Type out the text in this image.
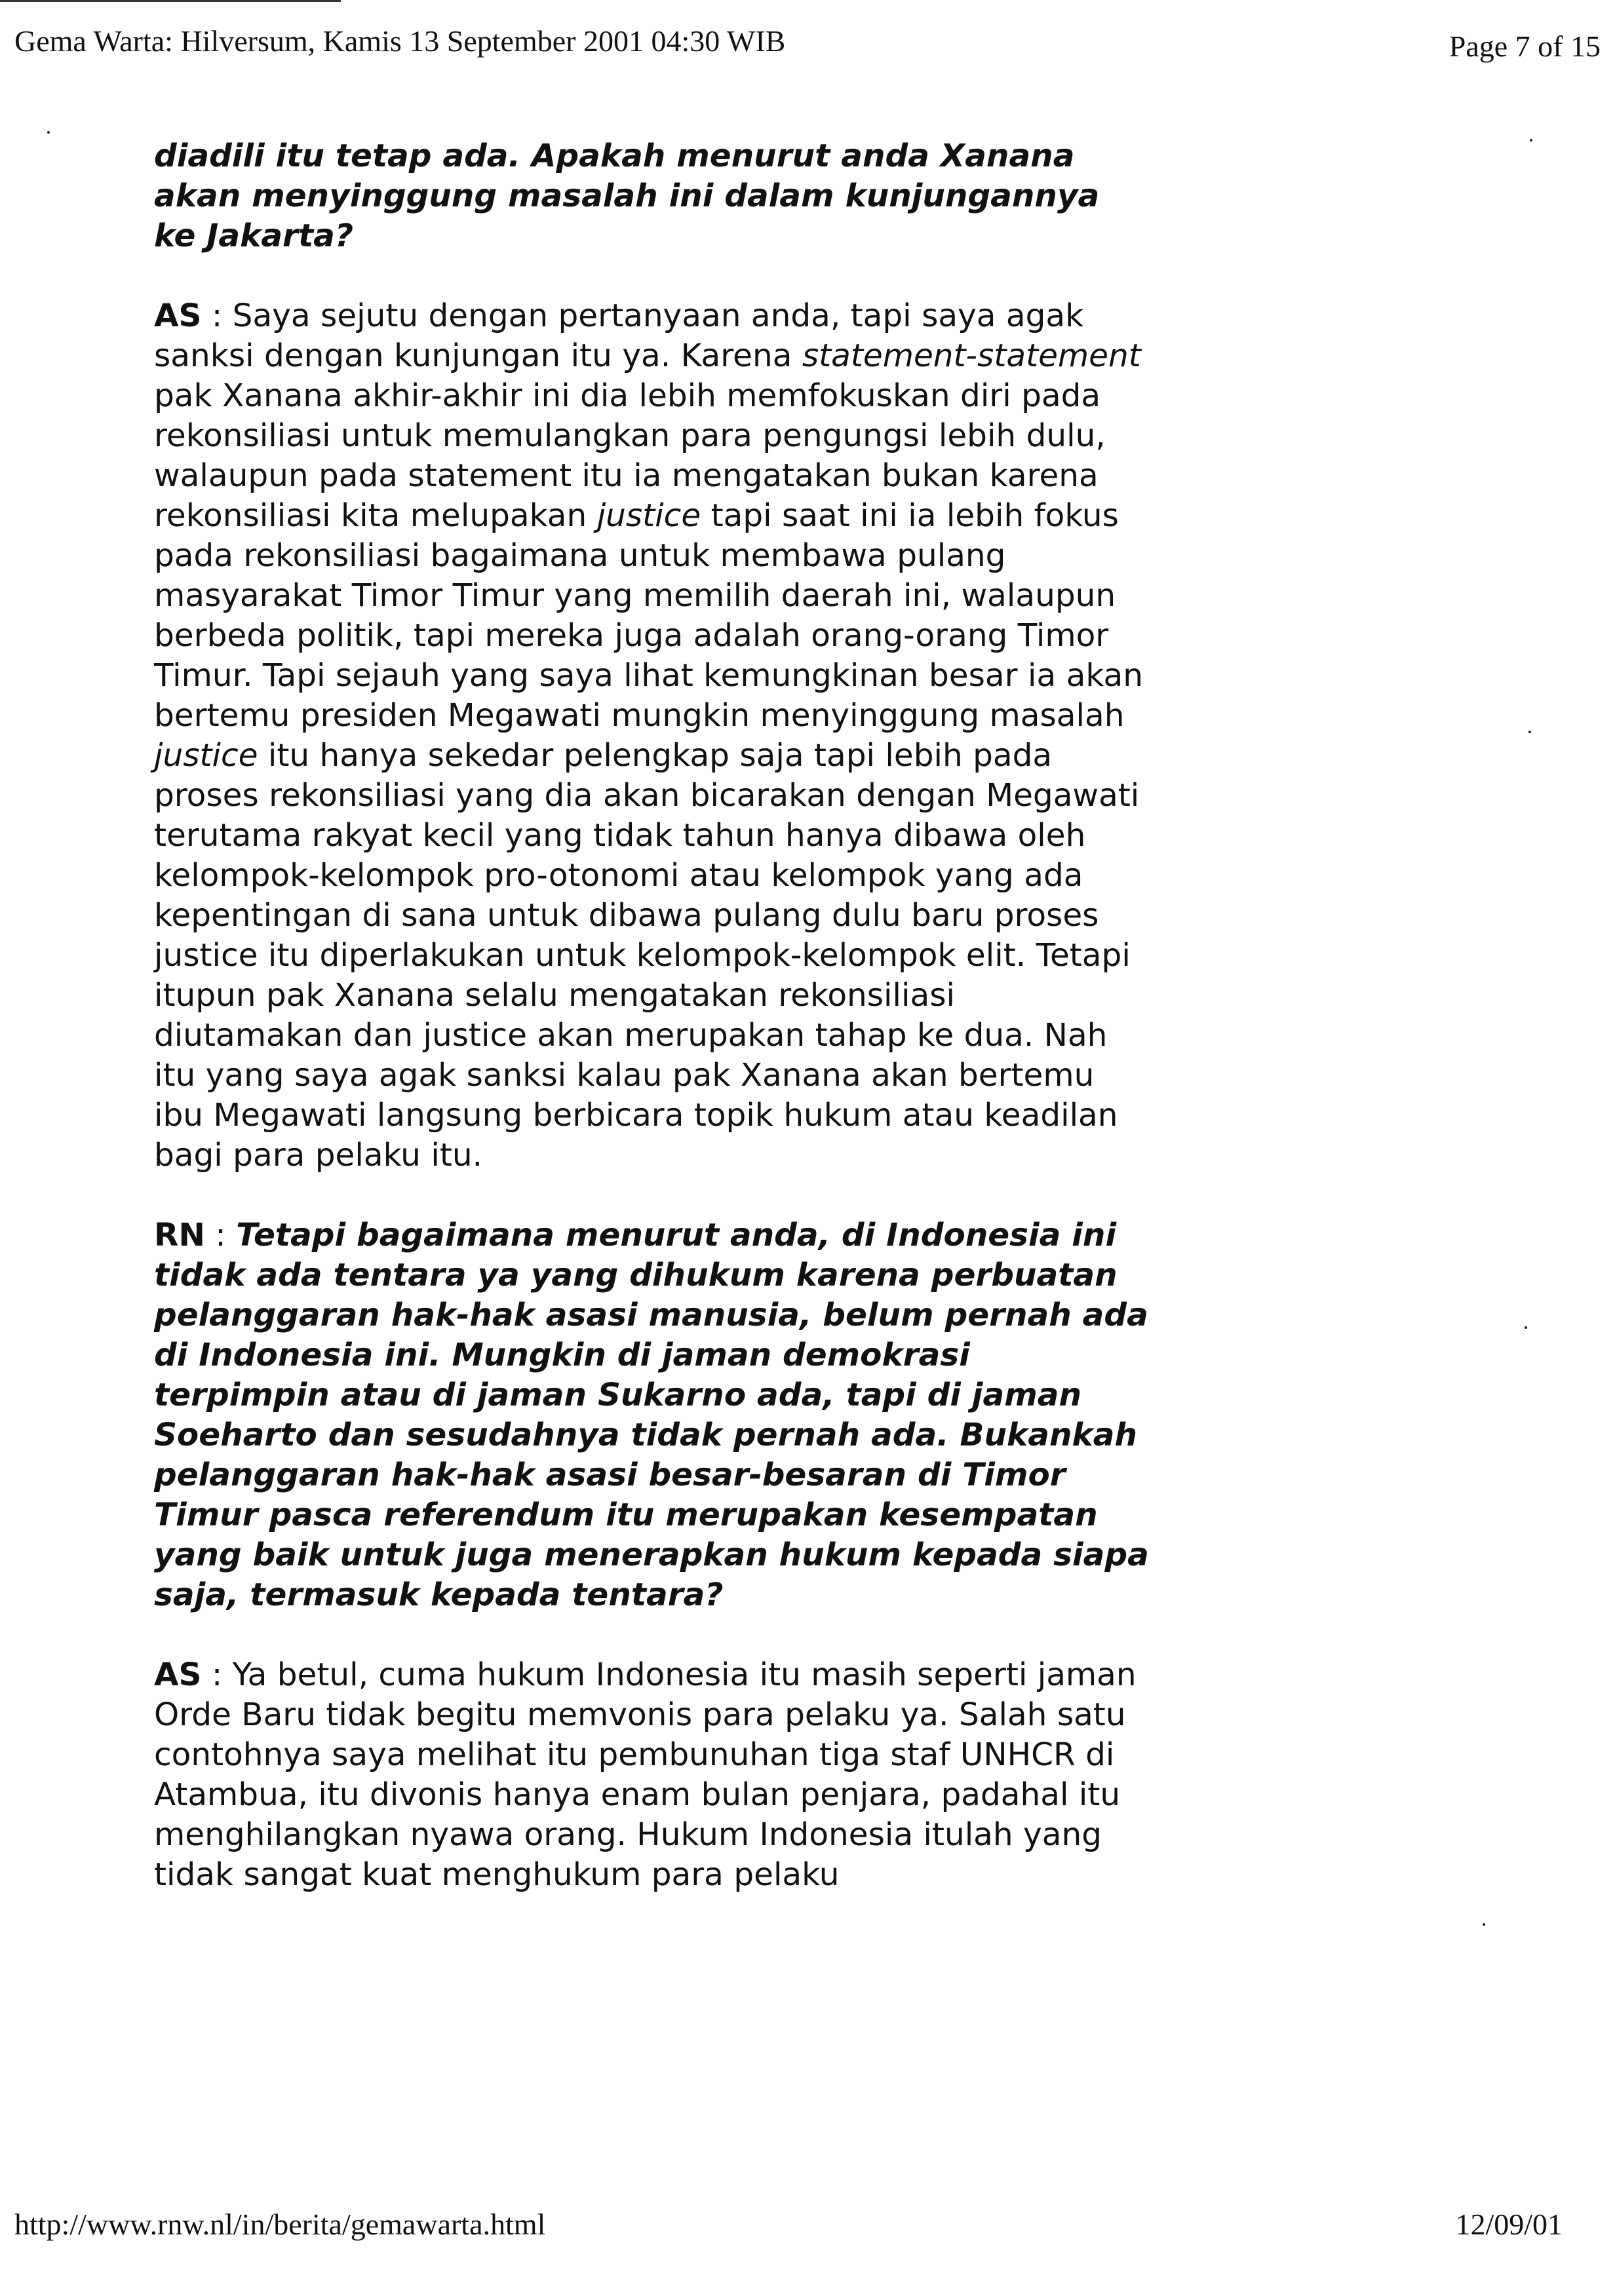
Gema Warta: Hilversum, Kamis 13 September 2001 04:30 WIB	Page 7 of 15

diadili itu tetap ada. Apakah menurut anda Xanana akan menyinggung masalah ini dalam kunjungannya ke Jakarta?

AS : Saya sejutu dengan pertanyaan anda, tapi saya agak sanksi dengan kunjungan itu ya. Karena statement-statement pak Xanana akhir-akhir ini dia lebih memfokuskan diri pada rekonsiliasi untuk memulangkan para pengungsi lebih dulu, walaupun pada statement itu ia mengatakan bukan karena rekonsiliasi kita melupakan justice tapi saat ini ia lebih fokus pada rekonsiliasi bagaimana untuk membawa pulang masyarakat Timor Timur yang memilih daerah ini, walaupun berbeda politik, tapi mereka juga adalah orang-orang Timor Timur. Tapi sejauh yang saya lihat kemungkinan besar ia akan bertemu presiden Megawati mungkin menyinggung masalah justice itu hanya sekedar pelengkap saja tapi lebih pada proses rekonsiliasi yang dia akan bicarakan dengan Megawati terutama rakyat kecil yang tidak tahun hanya dibawa oleh kelompok-kelompok pro-otonomi atau kelompok yang ada kepentingan di sana untuk dibawa pulang dulu baru proses justice itu diperlakukan untuk kelompok-kelompok elit. Tetapi itupun pak Xanana selalu mengatakan rekonsiliasi diutamakan dan justice akan merupakan tahap ke dua. Nah itu yang saya agak sanksi kalau pak Xanana akan bertemu ibu Megawati langsung berbicara topik hukum atau keadilan bagi para pelaku itu.

RN : Tetapi bagaimana menurut anda, di Indonesia ini tidak ada tentara ya yang dihukum karena perbuatan pelanggaran hak-hak asasi manusia, belum pernah ada di Indonesia ini. Mungkin di jaman demokrasi terpimpin atau di jaman Sukarno ada, tapi di jaman Soeharto dan sesudahnya tidak pernah ada. Bukankah pelanggaran hak-hak asasi besar-besaran di Timor Timur pasca referendum itu merupakan kesempatan yang baik untuk juga menerapkan hukum kepada siapa saja, termasuk kepada tentara?

AS : Ya betul, cuma hukum Indonesia itu masih seperti jaman Orde Baru tidak begitu memvonis para pelaku ya. Salah satu contohnya saya melihat itu pembunuhan tiga staf UNHCR di Atambua, itu divonis hanya enam bulan penjara, padahal itu menghilangkan nyawa orang. Hukum Indonesia itulah yang tidak sangat kuat menghukum para pelaku

http://www.rnw.nl/in/berita/gemawarta.html	12/09/01
